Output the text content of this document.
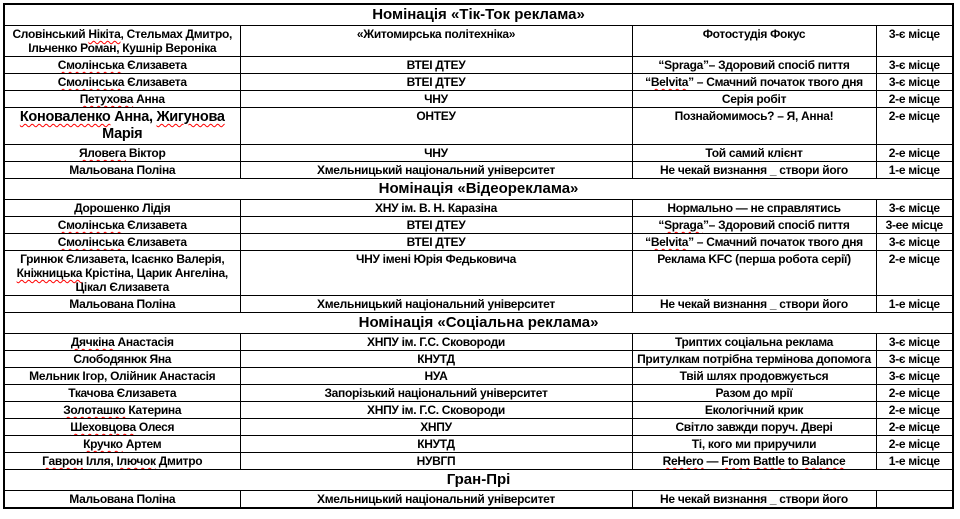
Номінація «Тік-Ток реклама»			
Словінський Нікіта, Стельмах Дмитро, Ільченко Роман, Кушнір Вероніка	«Житомирська політехніка»	Фотостудія Фокус	3-є місце
Смолінська Єлизавета	ВТЕІ ДТЕУ	“Spraga”– Здоровий спосіб пиття	3-є місце
Смолінська Єлизавета	ВТЕІ ДТЕУ	“Belvita” – Смачний початок твого дня	3-є місце
Петухова Анна	ЧНУ	Серія робіт	2-е місце
Коноваленко Анна, Жигунова Марія	ОНТЕУ	Познайомимось? – Я, Анна!	2-е місце
Яловега Віктор	ЧНУ	Той самий клієнт	2-е місце
Мальована Поліна	Хмельницький національний університет	Не чекай визнання _ створи його	1-е місце
Номінація «Відеореклама»			
Дорошенко Лідія	ХНУ ім. В. Н. Каразіна	Нормально — не справлятись	3-є місце
Смолінська Єлизавета	ВТЕІ ДТЕУ	“Spraga”– Здоровий спосіб пиття	3-ее місце
Смолінська Єлизавета	ВТЕІ ДТЕУ	“Belvita” – Смачний початок твого дня	3-є місце
Гринюк Єлизавета, Ісаєнко Валерія, Кніжницька Крістіна, Царик Ангеліна, Цікал Єлизавета	ЧНУ імені Юрія Федьковича	Реклама KFC (перша робота серії)	2-е місце
Мальована Поліна	Хмельницький національний університет	Не чекай визнання _ створи його	1-е місце
Номінація «Соціальна реклама»			
Дячкіна Анастасія	ХНПУ ім. Г.С. Сковороди	Триптих соціальна реклама	3-є місце
Слободянюк Яна	КНУТД	Притулкам потрібна термінова допомога	3-є місце
Мельник Ігор, Олійник Анастасія	НУА	Твій шлях продовжується	3-є місце
Ткачова Єлизавета	Запорізький національний університет	Разом до мрії	2-е місце
Золоташко Катерина	ХНПУ ім. Г.С. Сковороди	Екологічний крик	2-е місце
Шеховцова Олеся	ХНПУ	Світло завжди поруч. Двері	2-е місце
Кручко Артем	КНУТД	Ті, кого ми приручили	2-е місце
Гаврон Ілля, Ілючок Дмитро	НУВГП	ReHero — From Battle to Balance	1-е місце
Гран-Прі			
Мальована Поліна	Хмельницький національний університет	Не чекай визнання _ створи його	
